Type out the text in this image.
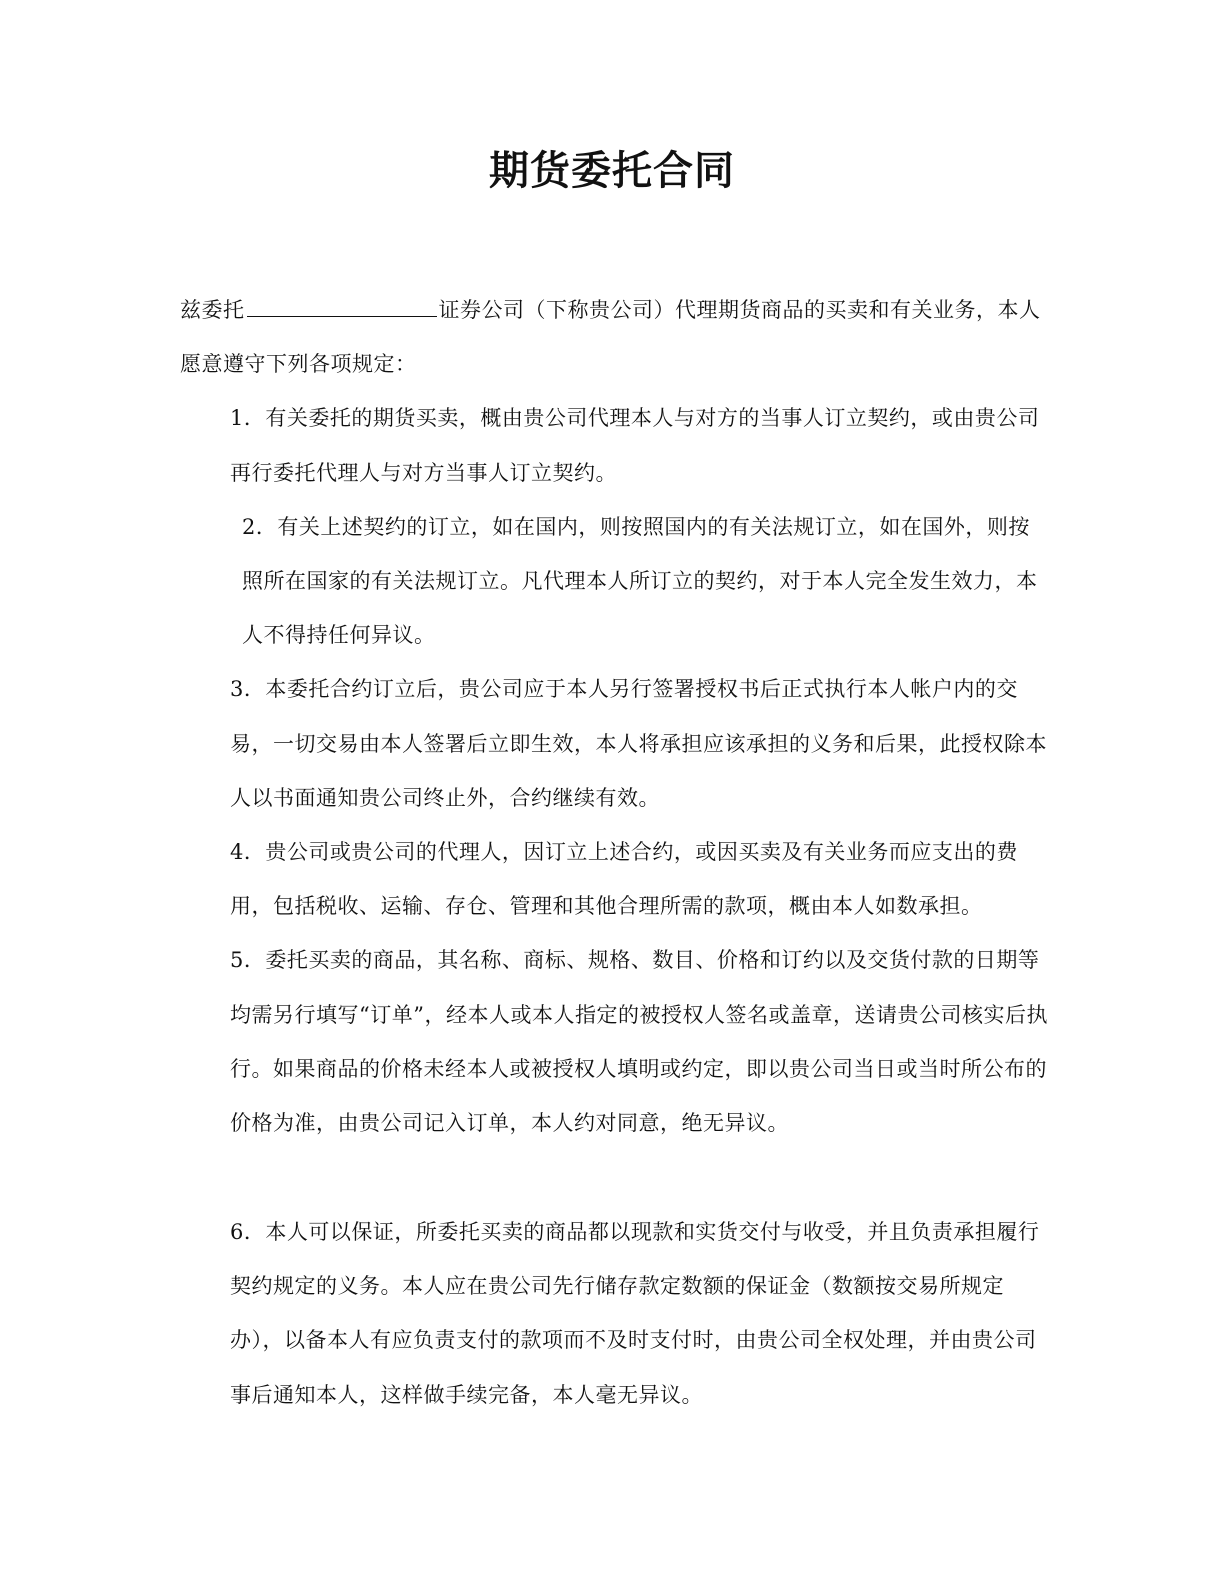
期货委托合同

兹委托	证券公司（下称贵公司）代理期货商品的买卖和有关业务，本人愿意遵守下列各项规定：

1．有关委托的期货买卖，概由贵公司代理本人与对方的当事人订立契约，或由贵公司再行委托代理人与对方当事人订立契约。

2．有关上述契约的订立，如在国内，则按照国内的有关法规订立，如在国外，则按照所在国家的有关法规订立。凡代理本人所订立的契约，对于本人完全发生效力，本人不得持任何异议。

3．本委托合约订立后，贵公司应于本人另行签署授权书后正式执行本人帐户内的交易，一切交易由本人签署后立即生效，本人将承担应该承担的义务和后果，此授权除本人以书面通知贵公司终止外，合约继续有效。

4．贵公司或贵公司的代理人，因订立上述合约，或因买卖及有关业务而应支出的费用，包括税收、运输、存仓、管理和其他合理所需的款项，概由本人如数承担。

5．委托买卖的商品，其名称、商标、规格、数目、价格和订约以及交货付款的日期等均需另行填写“订单”，经本人或本人指定的被授权人签名或盖章，送请贵公司核实后执行。如果商品的价格未经本人或被授权人填明或约定，即以贵公司当日或当时所公布的价格为准，由贵公司记入订单，本人约对同意，绝无异议。

6．本人可以保证，所委托买卖的商品都以现款和实货交付与收受，并且负责承担履行契约规定的义务。本人应在贵公司先行储存款定数额的保证金（数额按交易所规定办），以备本人有应负责支付的款项而不及时支付时，由贵公司全权处理，并由贵公司事后通知本人，这样做手续完备，本人毫无异议。
